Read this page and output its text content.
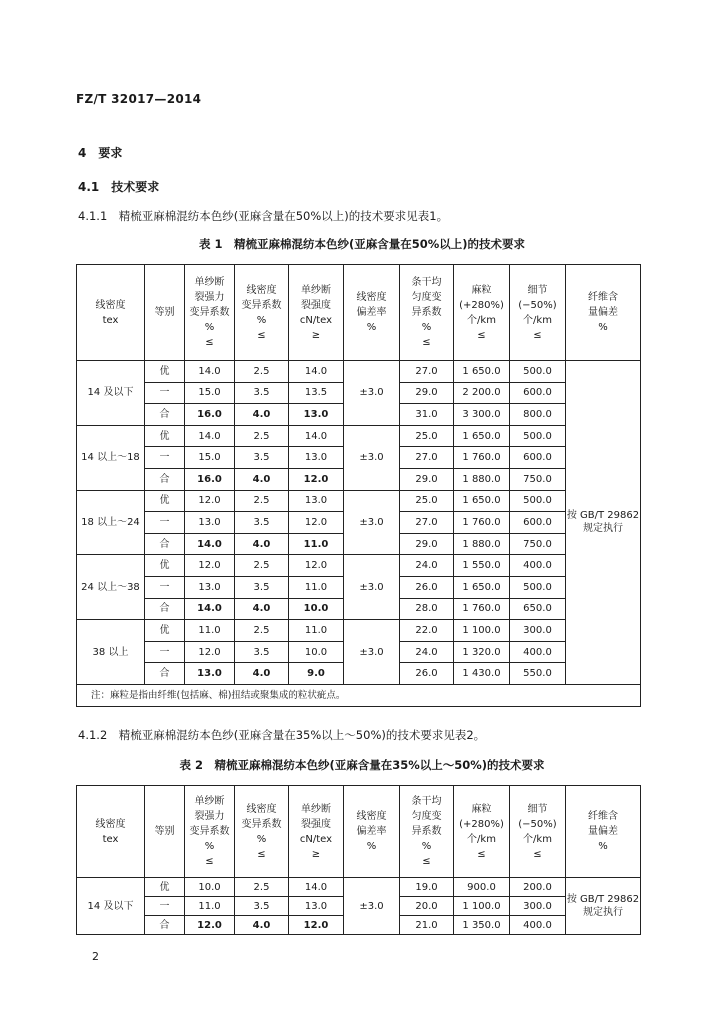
FZ/T 32017—2014
4　要求
4.1　技术要求
4.1.1　精梳亚麻棉混纺本色纱(亚麻含量在50%以上)的技术要求见表1。
表 1　精梳亚麻棉混纺本色纱(亚麻含量在50%以上)的技术要求
线密度
tex	等别	单纱断
裂强力
变异系数
%
≤	线密度
变异系数
%
≤	单纱断
裂强度
cN/tex
≥	线密度
偏差率
%	条干均
匀度变
异系数
%
≤	麻粒
(+280%)
个/km
≤	细节
(−50%)
个/km
≤	纤维含
量偏差
%
14 及以下	优	14.0	2.5	14.0	±3.0	27.0	1 650.0	500.0	按 GB/T 29862
规定执行
	一	15.0	3.5	13.5		29.0	2 200.0	600.0	
	合	16.0	4.0	13.0		31.0	3 300.0	800.0	
14 以上～18	优	14.0	2.5	14.0	±3.0	25.0	1 650.0	500.0	
	一	15.0	3.5	13.0		27.0	1 760.0	600.0	
	合	16.0	4.0	12.0		29.0	1 880.0	750.0	
18 以上～24	优	12.0	2.5	13.0	±3.0	25.0	1 650.0	500.0	
	一	13.0	3.5	12.0		27.0	1 760.0	600.0	
	合	14.0	4.0	11.0		29.0	1 880.0	750.0	
24 以上～38	优	12.0	2.5	12.0	±3.0	24.0	1 550.0	400.0	
	一	13.0	3.5	11.0		26.0	1 650.0	500.0	
	合	14.0	4.0	10.0		28.0	1 760.0	650.0	
38 以上	优	11.0	2.5	11.0	±3.0	22.0	1 100.0	300.0	
	一	12.0	3.5	10.0		24.0	1 320.0	400.0	
	合	13.0	4.0	9.0		26.0	1 430.0	550.0	
注：麻粒是指由纤维(包括麻、棉)扭结或聚集成的粒状疵点。									
4.1.2　精梳亚麻棉混纺本色纱(亚麻含量在35%以上～50%)的技术要求见表2。
表 2　精梳亚麻棉混纺本色纱(亚麻含量在35%以上～50%)的技术要求
线密度
tex	等别	单纱断
裂强力
变异系数
%
≤	线密度
变异系数
%
≤	单纱断
裂强度
cN/tex
≥	线密度
偏差率
%	条干均
匀度变
异系数
%
≤	麻粒
(+280%)
个/km
≤	细节
(−50%)
个/km
≤	纤维含
量偏差
%
14 及以下	优	10.0	2.5	14.0	±3.0	19.0	900.0	200.0	按 GB/T 29862
规定执行
	一	11.0	3.5	13.0		20.0	1 100.0	300.0	
	合	12.0	4.0	12.0		21.0	1 350.0	400.0	
2
